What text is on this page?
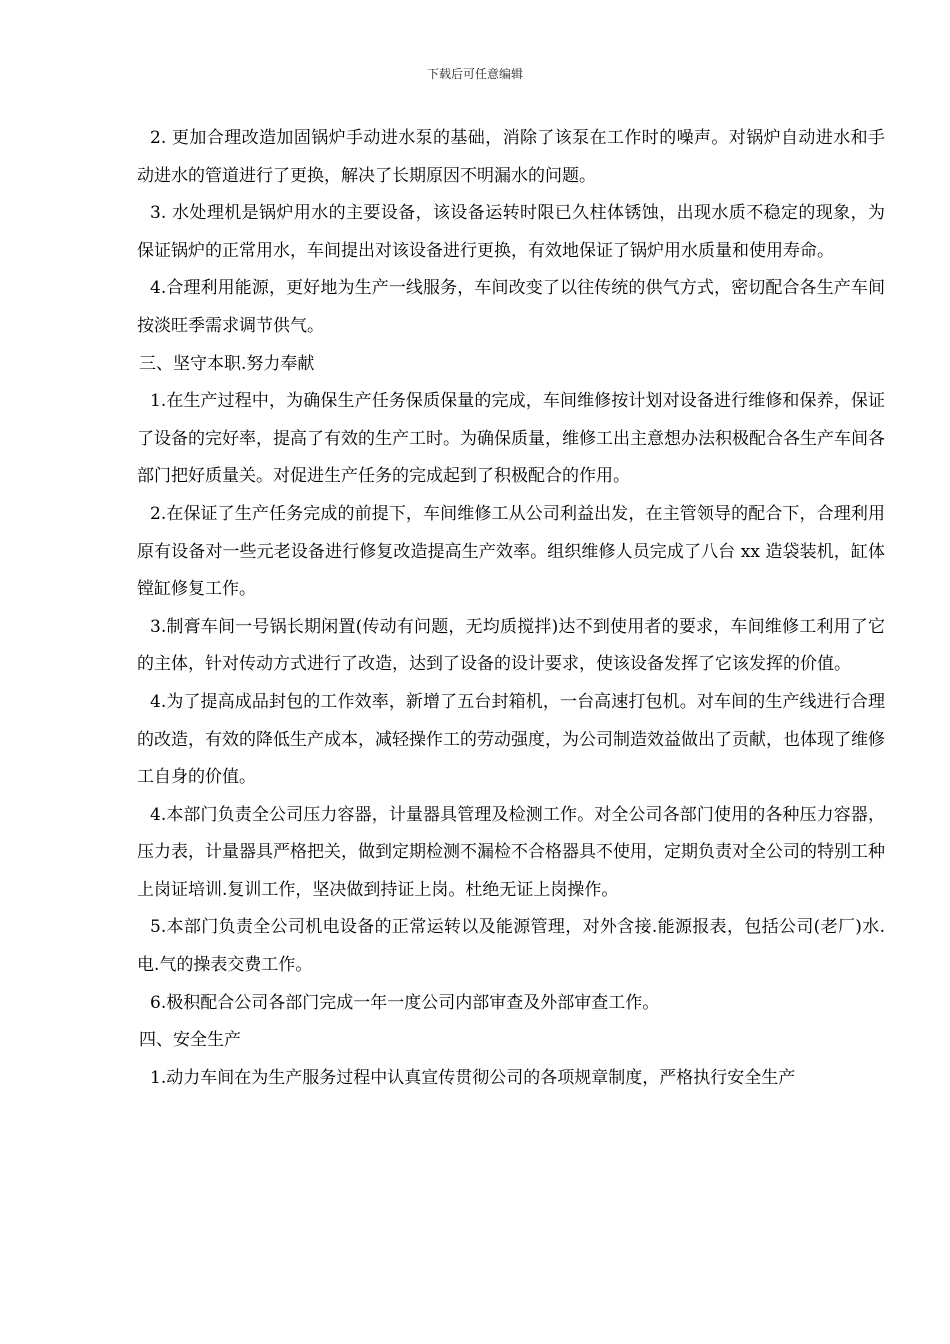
下载后可任意编辑

2. 更加合理改造加固锅炉手动进水泵的基础，消除了该泵在工作时的噪声。对锅炉自动进水和手动进水的管道进行了更换，解决了长期原因不明漏水的问题。

3. 水处理机是锅炉用水的主要设备，该设备运转时限已久柱体锈蚀，出现水质不稳定的现象，为保证锅炉的正常用水，车间提出对该设备进行更换，有效地保证了锅炉用水质量和使用寿命。

4.合理利用能源，更好地为生产一线服务，车间改变了以往传统的供气方式，密切配合各生产车间按淡旺季需求调节供气。

三、坚守本职.努力奉献

1.在生产过程中，为确保生产任务保质保量的完成，车间维修按计划对设备进行维修和保养，保证了设备的完好率，提高了有效的生产工时。为确保质量，维修工出主意想办法积极配合各生产车间各部门把好质量关。对促进生产任务的完成起到了积极配合的作用。

2.在保证了生产任务完成的前提下，车间维修工从公司利益出发，在主管领导的配合下，合理利用原有设备对一些元老设备进行修复改造提高生产效率。组织维修人员完成了八台 xx 造袋装机，缸体镗缸修复工作。

3.制膏车间一号锅长期闲置(传动有问题，无均质搅拌)达不到使用者的要求，车间维修工利用了它的主体，针对传动方式进行了改造，达到了设备的设计要求，使该设备发挥了它该发挥的价值。

4.为了提高成品封包的工作效率，新增了五台封箱机，一台高速打包机。对车间的生产线进行合理的改造，有效的降低生产成本，减轻操作工的劳动强度，为公司制造效益做出了贡献，也体现了维修工自身的价值。

4.本部门负责全公司压力容器，计量器具管理及检测工作。对全公司各部门使用的各种压力容器，压力表，计量器具严格把关，做到定期检测不漏检不合格器具不使用，定期负责对全公司的特别工种上岗证培训.复训工作，坚决做到持证上岗。杜绝无证上岗操作。

5.本部门负责全公司机电设备的正常运转以及能源管理，对外含接.能源报表，包括公司(老厂)水.电.气的操表交费工作。

6.极积配合公司各部门完成一年一度公司内部审查及外部审查工作。

四、安全生产

1.动力车间在为生产服务过程中认真宣传贯彻公司的各项规章制度，严格执行安全生产
